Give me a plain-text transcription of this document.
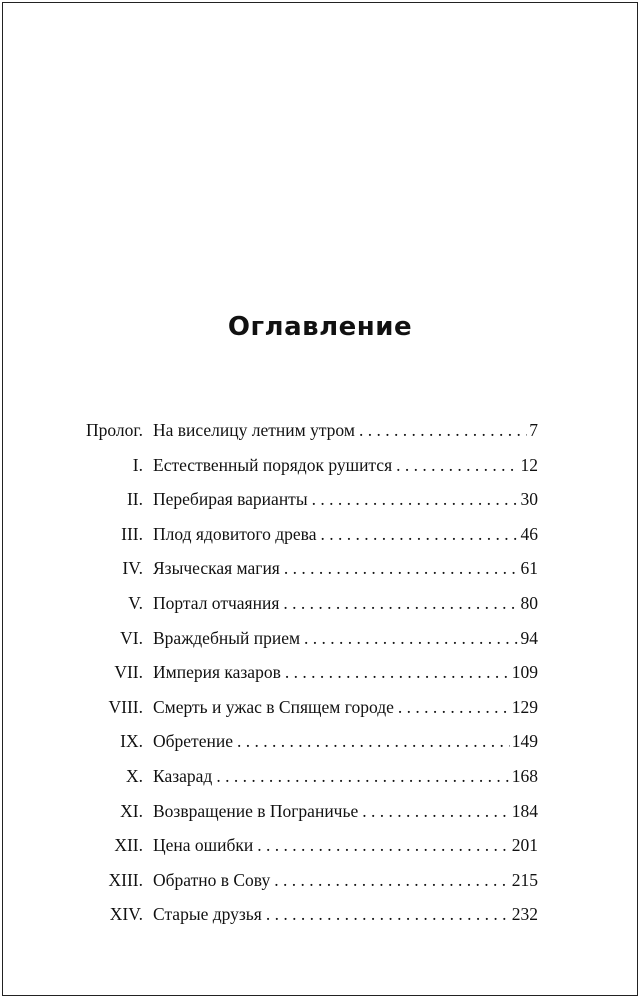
Оглавление
Пролог. На виселицу летним утром . . .	7
I. Естественный порядок рушится . . .	12
II. Перебирая варианты . . .	30
III. Плод ядовитого древа . . .	46
IV. Языческая магия . . .	61
V. Портал отчаяния . . .	80
VI. Враждебный прием . . .	94
VII. Империя казаров . . .	109
VIII. Смерть и ужас в Спящем городе . . .	129
IX. Обретение . . .	149
X. Казарад . . .	168
XI. Возвращение в Пограничье . . .	184
XII. Цена ошибки . . .	201
XIII. Обратно в Сову . . .	215
XIV. Старые друзья . . .	232
